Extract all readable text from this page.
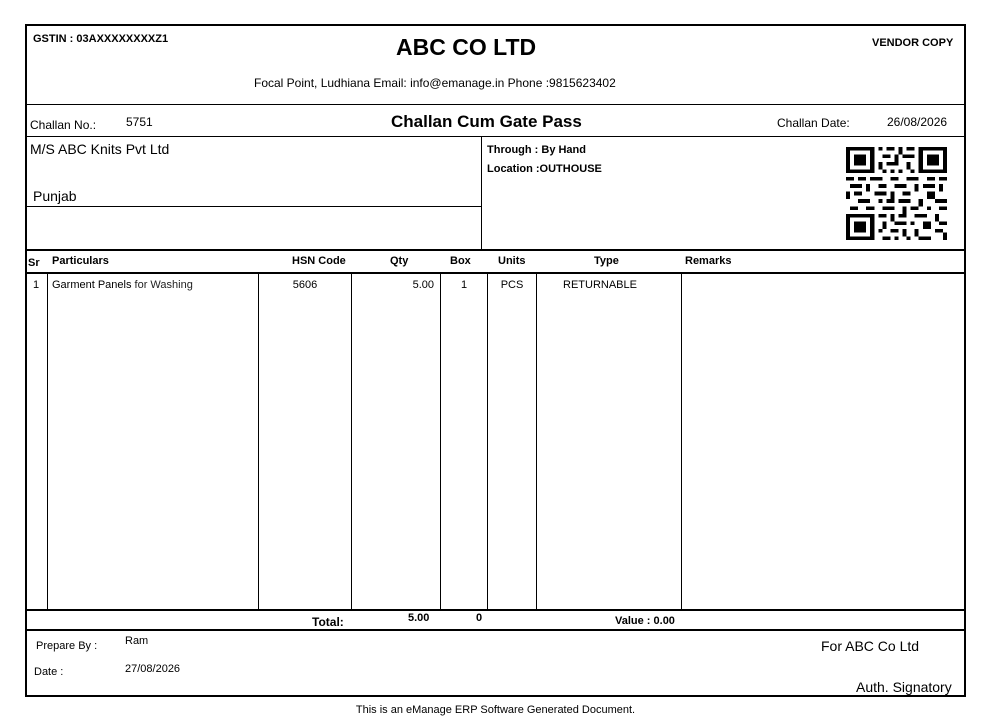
GSTIN : 03AXXXXXXXXZ1	ABC CO LTD	VENDOR COPY
Focal Point, Ludhiana Email: info@emanage.in Phone :9815623402
Challan No.: 5751	Challan Cum Gate Pass	Challan Date:	26/08/2026
M/S ABC Knits Pvt Ltd
Punjab
Through : By Hand
Location :OUTHOUSE
Sr Particulars	HSN Code	Qty	Box Units	Type	Remarks
1 Garment Panels for Washing	5606	5.00	1	PCS	RETURNABLE
Total:	5.00	0	Value : 0.00
Prepare By :	Ram
Date :	27/08/2026
For ABC Co Ltd
Auth. Signatory
This is an eManage ERP Software Generated Document.
